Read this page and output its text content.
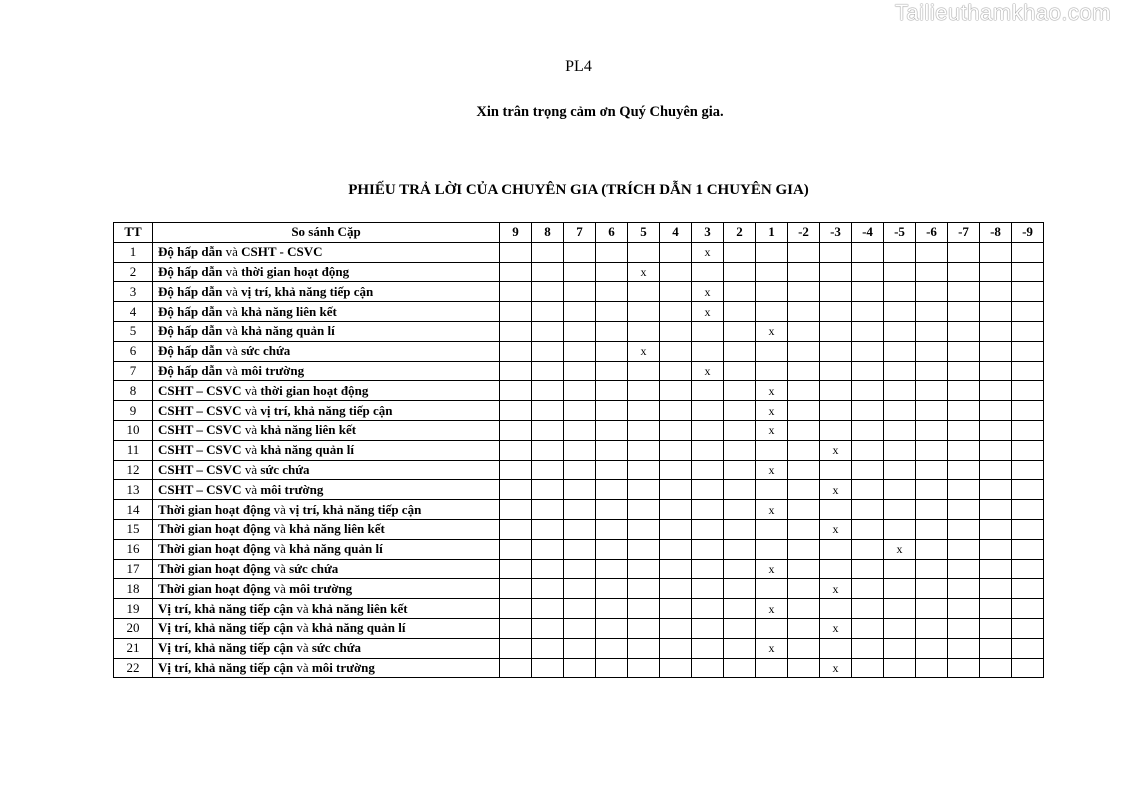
Tailieuthamkhao.com
PL4
Xin trân trọng cảm ơn Quý Chuyên gia.
PHIẾU TRẢ LỜI CỦA CHUYÊN GIA (TRÍCH DẪN 1 CHUYÊN GIA)
TT	So sánh Cặp	9	8	7	6	5	4	3	2	1	-2	-3	-4	-5	-6	-7	-8	-9
1	Độ hấp dẫn và CSHT - CSVC							x										
2	Độ hấp dẫn và thời gian hoạt động					x												
3	Độ hấp dẫn và vị trí, khả năng tiếp cận							x										
4	Độ hấp dẫn và khả năng liên kết							x										
5	Độ hấp dẫn và khả năng quản lí									x								
6	Độ hấp dẫn và sức chứa					x												
7	Độ hấp dẫn và môi trường							x										
8	CSHT – CSVC và thời gian hoạt động									x								
9	CSHT – CSVC và vị trí, khả năng tiếp cận									x								
10	CSHT – CSVC và khả năng liên kết									x								
11	CSHT – CSVC và khả năng quản lí											x						
12	CSHT – CSVC và sức chứa									x								
13	CSHT – CSVC và môi trường											x						
14	Thời gian hoạt động và vị trí, khả năng tiếp cận									x								
15	Thời gian hoạt động và khả năng liên kết											x						
16	Thời gian hoạt động và khả năng quản lí													x				
17	Thời gian hoạt động và sức chứa									x								
18	Thời gian hoạt động và môi trường											x						
19	Vị trí, khả năng tiếp cận và khả năng liên kết									x								
20	Vị trí, khả năng tiếp cận và khả năng quản lí											x						
21	Vị trí, khả năng tiếp cận và sức chứa									x								
22	Vị trí, khả năng tiếp cận và môi trường											x						
